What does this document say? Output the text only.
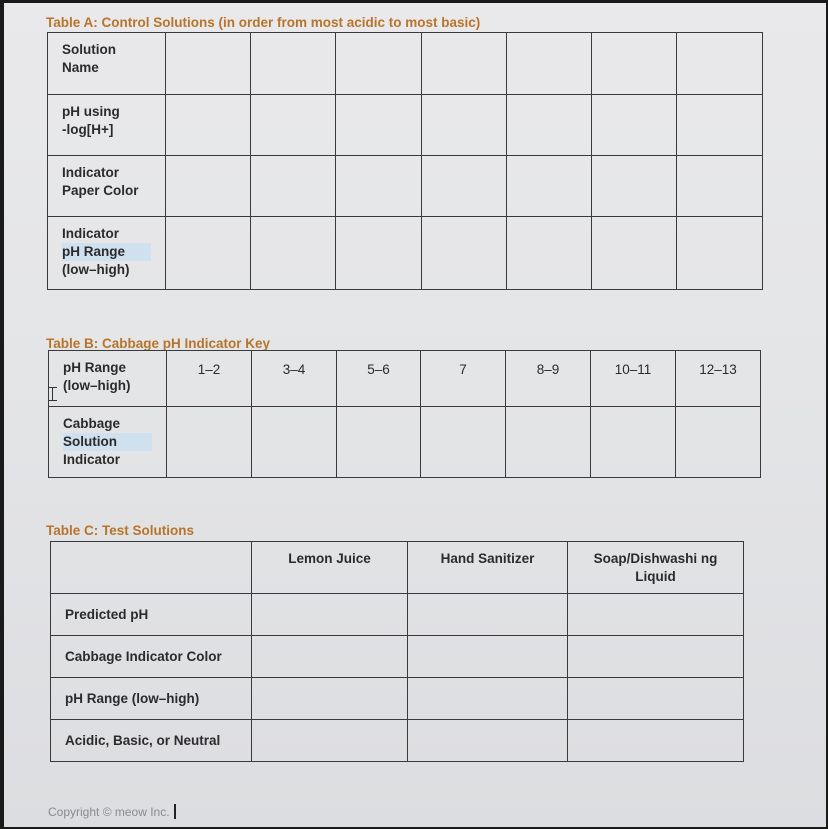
Table A: Control Solutions (in order from most acidic to most basic)
Solution
Name							

pH using
-log[H+]							

Indicator
Paper Color							

Indicator
pH Range
(low–high)							

Table B: Cabbage pH Indicator Key
pH Range
(low–high)	1–2	3–4	5–6	7	8–9	10–11	12–13

Cabbage
Solution
Indicator							

Table C: Test Solutions
	Lemon Juice	Hand Sanitizer	Soap/Dishwashi ng Liquid
Predicted pH			
Cabbage Indicator Color			
pH Range (low–high)			
Acidic, Basic, or Neutral			
Copyright © meow Inc.
